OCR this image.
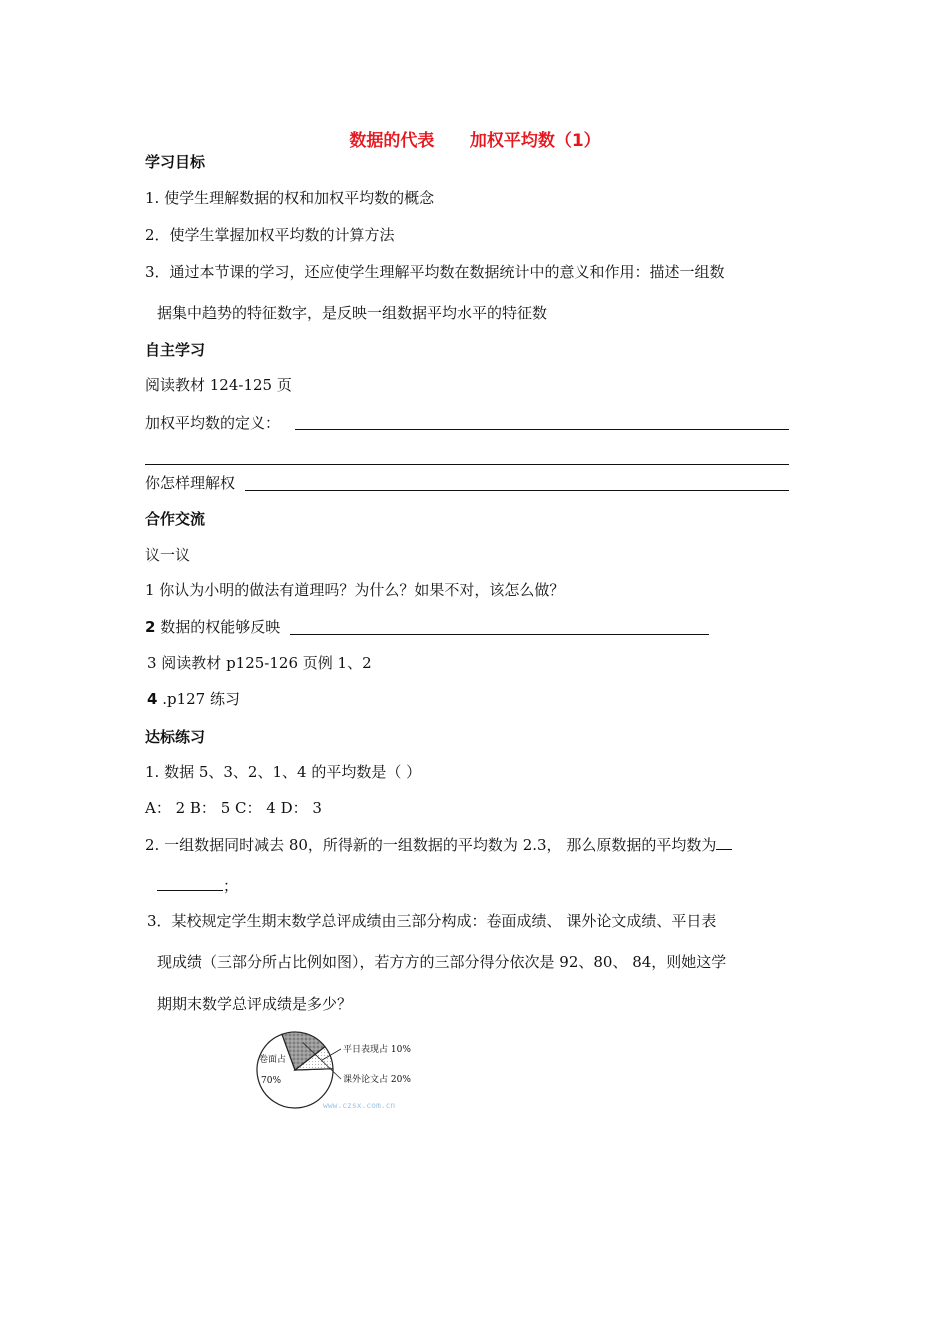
数据的代表      加权平均数（1）
学习目标
1. 使学生理解数据的权和加权平均数的概念
2．使学生掌握加权平均数的计算方法
3．通过本节课的学习，还应使学生理解平均数在数据统计中的意义和作用：描述一组数
据集中趋势的特征数字，是反映一组数据平均水平的特征数
自主学习
阅读教材 124-125 页
加权平均数的定义：
你怎样理解权
合作交流
议一议
1 你认为小明的做法有道理吗？为什么？如果不对，该怎么做？
2 数据的权能够反映
3 阅读教材 p125-126 页例 1、2
4 .p127 练习
达标练习
1. 数据 5、3、2、1、4 的平均数是（ ）
A： 2 B： 5 C： 4 D： 3
2. 一组数据同时减去 80，所得新的一组数据的平均数为 2.3， 那么原数据的平均数为
；
3．某校规定学生期末数学总评成绩由三部分构成：卷面成绩、 课外论文成绩、平日表
现成绩（三部分所占比例如图），若方方的三部分得分依次是 92、80、 84，则她这学
期期末数学总评成绩是多少？
卷面占
70%
平日表现占 10%
课外论文占 20%
www.czsx.com.cn
